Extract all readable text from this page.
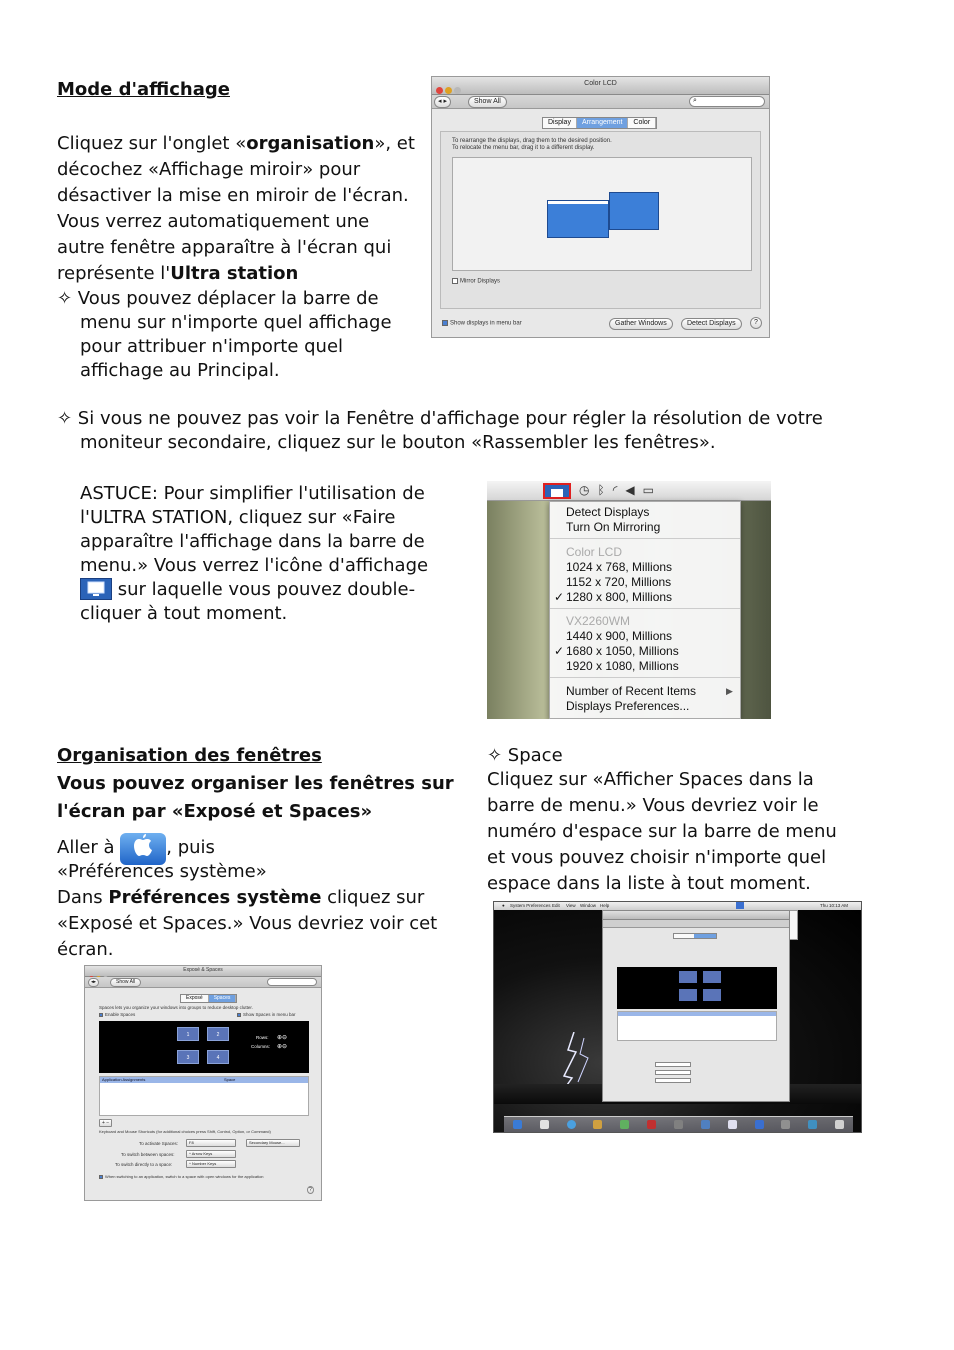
Mode d'affichage
Cliquez sur l'onglet «organisation», et
décochez «Affichage miroir» pour
désactiver la mise en miroir de l'écran.
Vous verrez automatiquement une
autre fenêtre apparaître à l'écran qui
représente l'Ultra station
✧ Vous pouvez déplacer la barre de
menu sur n'importe quel affichage
pour attribuer n'importe quel
affichage au Principal.
✧ Si vous ne pouvez pas voir la Fenêtre d'affichage pour régler la résolution de votre
moniteur secondaire, cliquez sur le bouton «Rassembler les fenêtres».
ASTUCE: Pour simplifier l'utilisation de
l'ULTRA STATION, cliquez sur «Faire
apparaître l'affichage dans la barre de
menu.» Vous verrez l'icône d'affichage
sur laquelle vous pouvez double-
cliquer à tout moment.
Color LCD
◂ ▸	Show All	⌕
Display	Arrangement	Color
To rearrange the displays, drag them to the desired position.
To relocate the menu bar, drag it to a different display.
Mirror Displays
Show displays in menu bar	Gather Windows	Detect Displays	?
◷ᛒ◜◀▭
Detect Displays
Turn On Mirroring
Color LCD
1024 x 768, Millions
1152 x 720, Millions
✓ 1280 x 800, Millions
VX2260WM
1440 x 900, Millions
✓ 1680 x 1050, Millions
1920 x 1080, Millions
Number of Recent Items	▶
Displays Preferences...
Organisation des fenêtres
Vous pouvez organiser les fenêtres sur
l'écran par «Exposé et Spaces»
Aller à	, puis
«Préférences système»
Dans Préférences système cliquez sur
«Exposé et Spaces.» Vous devriez voir cet
écran.
✧ Space
Cliquez sur «Afficher Spaces dans la
barre de menu.» Vous devriez voir le
numéro d'espace sur la barre de menu
et vous pouvez choisir n'importe quel
espace dans la liste à tout moment.
Exposé & Spaces
◂▸	Show All
Exposé	Spaces
Spaces lets you organize your windows into groups to reduce desktop clutter.
Enable Spaces	Show Spaces in menu bar
1	2
3	4
Rows:
Columns:
⊕⊖
⊕⊖
Application Assignments	Space
+ −
Keyboard and Mouse Shortcuts (for additional choices press Shift, Control, Option, or Command)
To activate Spaces:	F8	Secondary Mouse...
To switch between spaces:	^ Arrow Keys
To switch directly to a space:	^ Number Keys
When switching to an application, switch to a space with open windows for the application
?
● System Preferences Edit View Window Help	Thu 10:13 AM
